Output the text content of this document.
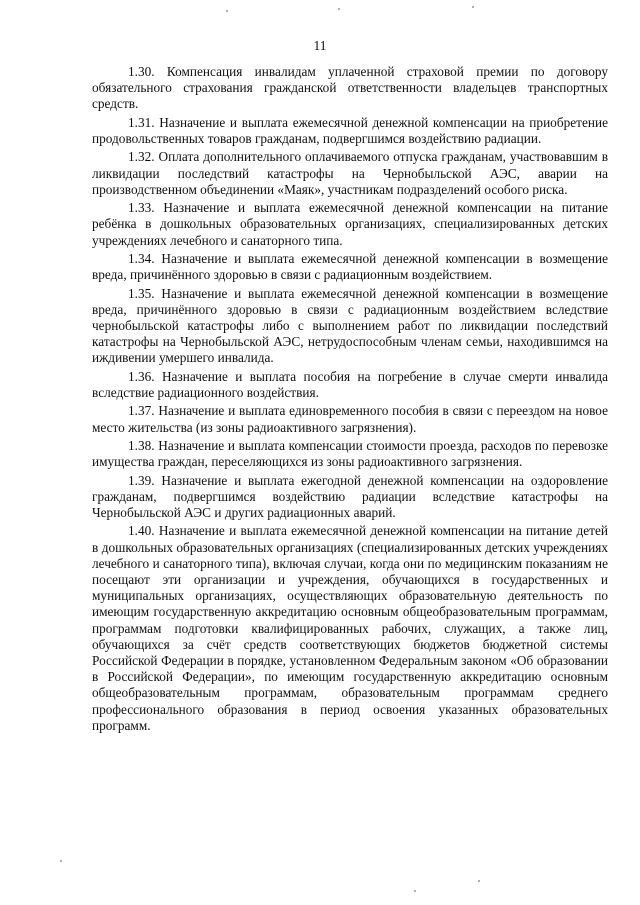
11

1.30. Компенсация инвалидам уплаченной страховой премии по договору обязательного страхования гражданской ответственности владельцев транспортных средств.

1.31. Назначение и выплата ежемесячной денежной компенсации на приобретение продовольственных товаров гражданам, подвергшимся воздействию радиации.

1.32. Оплата дополнительного оплачиваемого отпуска гражданам, участвовавшим в ликвидации последствий катастрофы на Чернобыльской АЭС, аварии на производственном объединении «Маяк», участникам подразделений особого риска.

1.33. Назначение и выплата ежемесячной денежной компенсации на питание ребёнка в дошкольных образовательных организациях, специализированных детских учреждениях лечебного и санаторного типа.

1.34. Назначение и выплата ежемесячной денежной компенсации в возмещение вреда, причинённого здоровью в связи с радиационным воздействием.

1.35. Назначение и выплата ежемесячной денежной компенсации в возмещение вреда, причинённого здоровью в связи с радиационным воздействием вследствие чернобыльской катастрофы либо с выполнением работ по ликвидации последствий катастрофы на Чернобыльской АЭС, нетрудоспособным членам семьи, находившимся на иждивении умершего инвалида.

1.36. Назначение и выплата пособия на погребение в случае смерти инвалида вследствие радиационного воздействия.

1.37. Назначение и выплата единовременного пособия в связи с переездом на новое место жительства (из зоны радиоактивного загрязнения).

1.38. Назначение и выплата компенсации стоимости проезда, расходов по перевозке имущества граждан, переселяющихся из зоны радиоактивного загрязнения.

1.39. Назначение и выплата ежегодной денежной компенсации на оздоровление гражданам, подвергшимся воздействию радиации вследствие катастрофы на Чернобыльской АЭС и других радиационных аварий.

1.40. Назначение и выплата ежемесячной денежной компенсации на питание детей в дошкольных образовательных организациях (специализированных детских учреждениях лечебного и санаторного типа), включая случаи, когда они по медицинским показаниям не посещают эти организации и учреждения, обучающихся в государственных и муниципальных организациях, осуществляющих образовательную деятельность по имеющим государственную аккредитацию основным общеобразовательным программам, программам подготовки квалифицированных рабочих, служащих, а также лиц, обучающихся за счёт средств соответствующих бюджетов бюджетной системы Российской Федерации в порядке, установленном Федеральным законом «Об образовании в Российской Федерации», по имеющим государственную аккредитацию основным общеобразовательным программам, образовательным программам среднего профессионального образования в период освоения указанных образовательных программ.
